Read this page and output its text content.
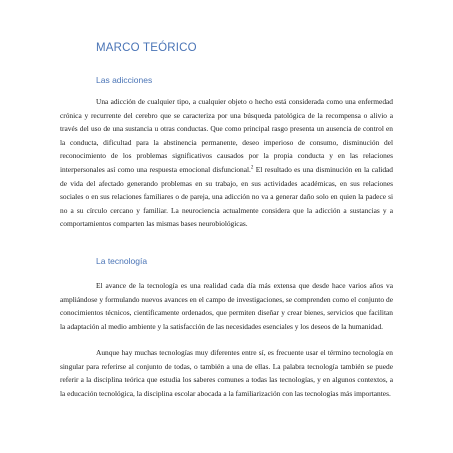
MARCO TEÓRICO
Las adicciones

Una adicción de cualquier tipo, a cualquier objeto o hecho está considerada como una enfermedad crónica y recurrente del cerebro que se caracteriza por una búsqueda patológica de la recompensa o alivio a través del uso de una sustancia u otras conductas. Que como principal rasgo presenta un ausencia de control en la conducta, dificultad para la abstinencia permanente, deseo imperioso de consumo, disminución del reconocimiento de los problemas significativos causados por la propia conducta y en las relaciones interpersonales así como una respuesta emocional disfuncional.$^2$ El resultado es una disminución en la calidad de vida del afectado generando problemas en su trabajo, en sus actividades académicas, en sus relaciones sociales o en sus relaciones familiares o de pareja, una adicción no va a generar daño solo en quien la padece si no a su círculo cercano y familiar. La neurociencia actualmente considera que la adicción a sustancias y a comportamientos comparten las mismas bases neurobiológicas.

La tecnología

El avance de la tecnología es una realidad cada día más extensa que desde hace varios años va ampliándose y formulando nuevos avances en el campo de investigaciones, se comprenden como el conjunto de conocimientos técnicos, científicamente ordenados, que permiten diseñar y crear bienes, servicios que facilitan la adaptación al medio ambiente y la satisfacción de las necesidades esenciales y los deseos de la humanidad.

Aunque hay muchas tecnologías muy diferentes entre sí, es frecuente usar el término tecnología en singular para referirse al conjunto de todas, o también a una de ellas. La palabra tecnología también se puede referir a la disciplina teórica que estudia los saberes comunes a todas las tecnologías, y en algunos contextos, a la educación tecnológica, la disciplina escolar abocada a la familiarización con las tecnologías más importantes.
